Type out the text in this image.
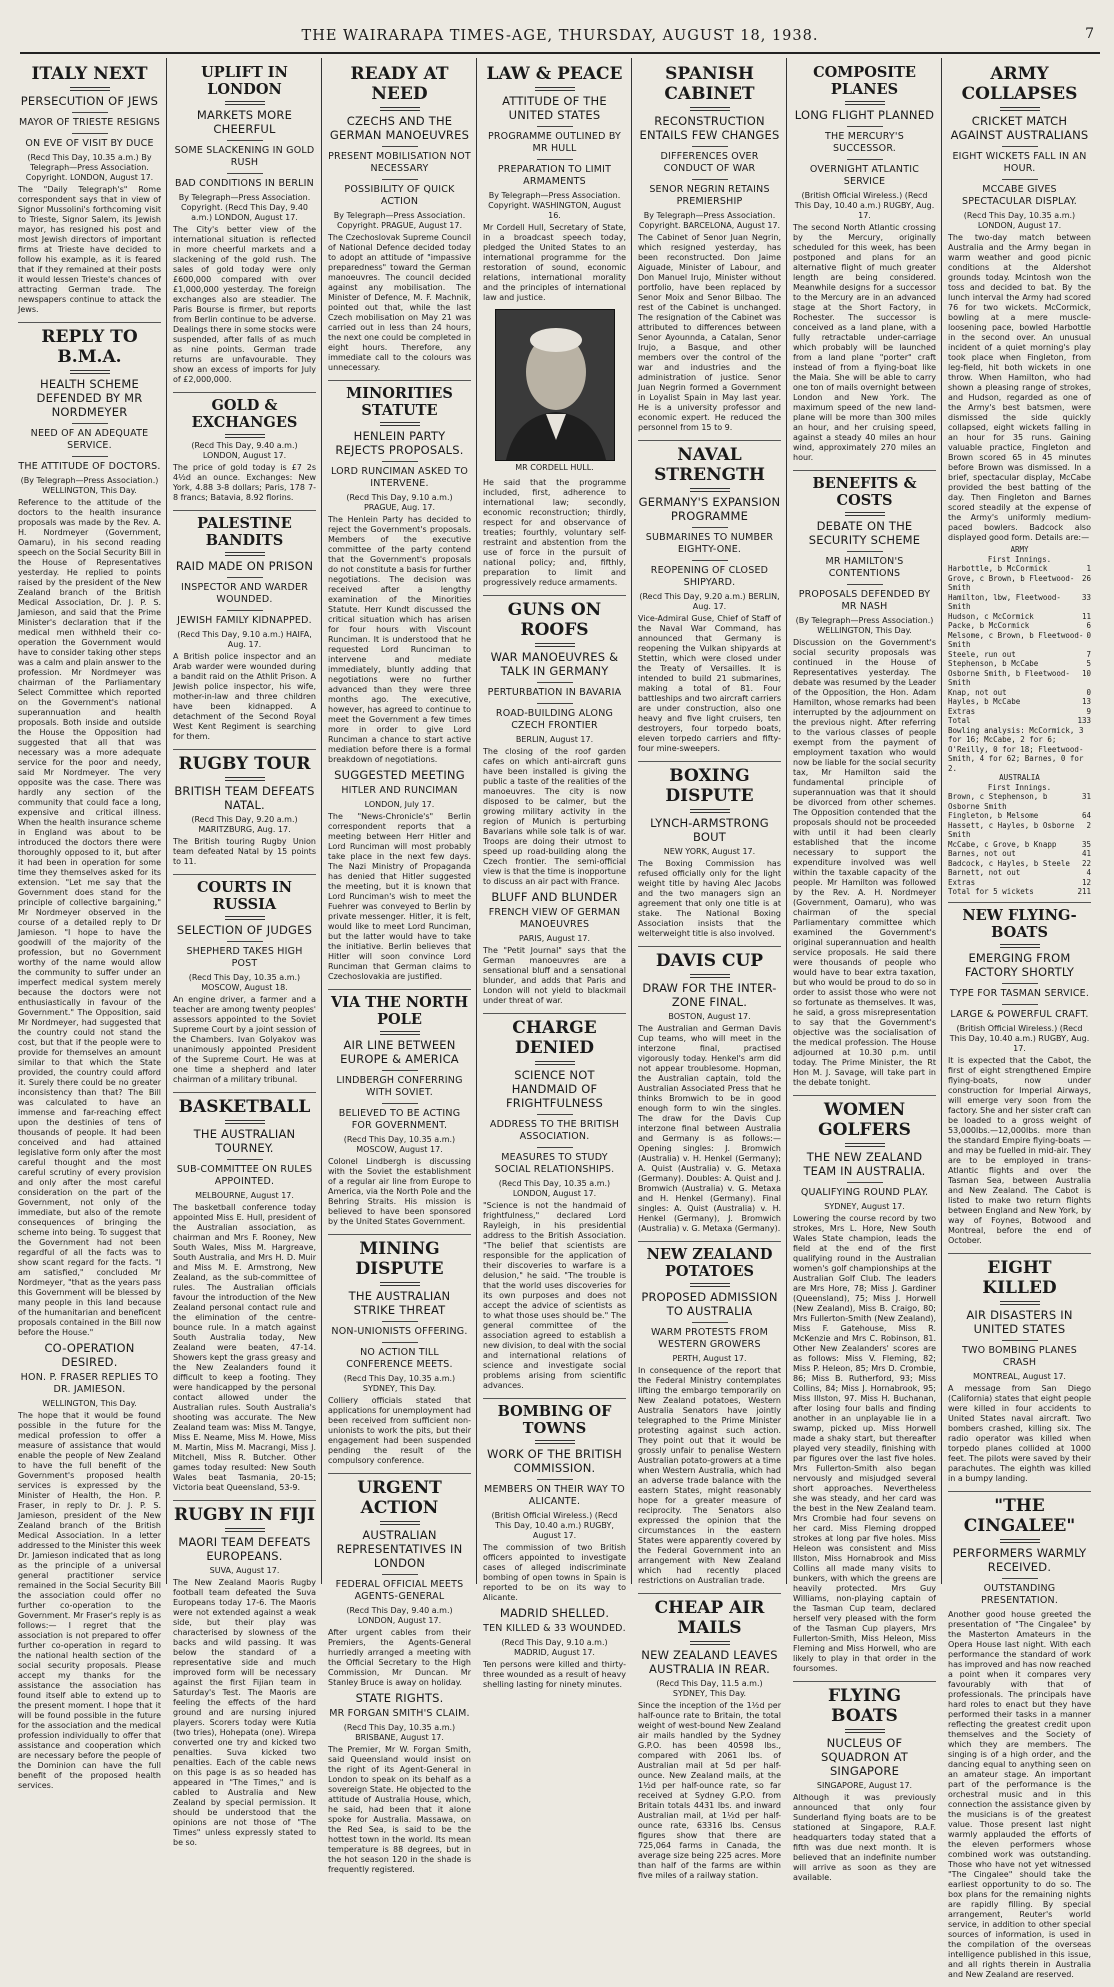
THE WAIRARAPA TIMES-AGE, THURSDAY, AUGUST 18, 1938.	7
ITALY NEXT
PERSECUTION OF JEWS
MAYOR OF TRIESTE RESIGNS
ON EVE OF VISIT BY DUCE
(Recd This Day, 10.35 a.m.) By Telegraph—Press Association. Copyright. LONDON, August 17.
The "Daily Telegraph's" Rome correspondent says that in view of Signor Mussolini's forthcoming visit to Trieste, Signor Salem, its Jewish mayor, has resigned his post and most Jewish directors of important firms at Trieste have decided to follow his example, as it is feared that if they remained at their posts it would lessen Trieste's chances of attracting German trade. The newspapers continue to attack the Jews.
REPLY TO B.M.A.
HEALTH SCHEME DEFENDED BY MR NORDMEYER
NEED OF AN ADEQUATE SERVICE.
THE ATTITUDE OF DOCTORS.
(By Telegraph—Press Association.) WELLINGTON, This Day.
Reference to the attitude of the doctors to the health insurance proposals was made by the Rev. A. H. Nordmeyer (Government, Oamaru), in his second reading speech on the Social Security Bill in the House of Representatives yesterday. He replied to points raised by the president of the New Zealand branch of the British Medical Association, Dr. J. P. S. Jamieson, and said that the Prime Minister's declaration that if the medical men withheld their co-operation the Government would have to consider taking other steps was a calm and plain answer to the profession. Mr Nordmeyer was chairman of the Parliamentary Select Committee which reported on the Government's national superannuation and health proposals. Both inside and outside the House the Opposition had suggested that all that was necessary was a more adequate service for the poor and needy, said Mr Nordmeyer. The very opposite was the case. There was hardly any section of the community that could face a long, expensive and critical illness. When the health insurance scheme in England was about to be introduced the doctors there were thoroughly opposed to it, but after it had been in operation for some time they themselves asked for its extension. "Let me say that the Government does stand for the principle of collective bargaining," Mr Nordmeyer observed in the course of a detailed reply to Dr Jamieson. "I hope to have the goodwill of the majority of the profession, but no Government worthy of the name would allow the community to suffer under an imperfect medical system merely because the doctors were not enthusiastically in favour of the Government." The Opposition, said Mr Nordmeyer, had suggested that the country could not stand the cost, but that if the people were to provide for themselves an amount similar to that which the State provided, the country could afford it. Surely there could be no greater inconsistency than that? The Bill was calculated to have an immense and far-reaching effect upon the destinies of tens of thousands of people. It had been conceived and had attained legislative form only after the most careful thought and the most careful scrutiny of every provision and only after the most careful consideration on the part of the Government, not only of the immediate, but also of the remote consequences of bringing the scheme into being. To suggest that the Government had not been regardful of all the facts was to show scant regard for the facts. "I am satisfied," concluded Mr Nordmeyer, "that as the years pass this Government will be blessed by many people in this land because of the humanitarian and beneficent proposals contained in the Bill now before the House."
CO-OPERATION DESIRED.
HON. P. FRASER REPLIES TO DR. JAMIESON.
WELLINGTON, This Day.
The hope that it would be found possible in the future for the medical profession to offer a measure of assistance that would enable the people of New Zealand to have the full benefit of the Government's proposed health services is expressed by the Minister of Health, the Hon. P. Fraser, in reply to Dr. J. P. S. Jamieson, president of the New Zealand branch of the British Medical Association. In a letter addressed to the Minister this week Dr. Jamieson indicated that as long as the principle of a universal general practitioner service remained in the Social Security Bill the association could offer no further co-operation to the Government. Mr Fraser's reply is as follows:— I regret that the association is not prepared to offer further co-operation in regard to the national health section of the social security proposals. Please accept my thanks for the assistance the association has found itself able to extend up to the present moment. I hope that it will be found possible in the future for the association and the medical profession individually to offer that assistance and cooperation which are necessary before the people of the Dominion can have the full benefit of the proposed health services.
UPLIFT IN LONDON
MARKETS MORE CHEERFUL
SOME SLACKENING IN GOLD RUSH
BAD CONDITIONS IN BERLIN
By Telegraph—Press Association. Copyright. (Recd This Day, 9.40 a.m.) LONDON, August 17.
The City's better view of the international situation is reflected in more cheerful markets and a slackening of the gold rush. The sales of gold today were only £600,000 compared with over £1,000,000 yesterday. The foreign exchanges also are steadier. The Paris Bourse is firmer, but reports from Berlin continue to be adverse. Dealings there in some stocks were suspended, after falls of as much as nine points. German trade returns are unfavourable. They show an excess of imports for July of £2,000,000.
GOLD & EXCHANGES
(Recd This Day, 9.40 a.m.) LONDON, August 17.
The price of gold today is £7 2s 4½d an ounce. Exchanges: New York, 4.88 3-8 dollars; Paris, 178 7-8 francs; Batavia, 8.92 florins.
PALESTINE BANDITS
RAID MADE ON PRISON
INSPECTOR AND WARDER WOUNDED.
JEWISH FAMILY KIDNAPPED.
(Recd This Day, 9.10 a.m.) HAIFA, Aug. 17.
A British police inspector and an Arab warder were wounded during a bandit raid on the Athlit Prison. A Jewish police inspector, his wife, mother-in-law and three children have been kidnapped. A detachment of the Second Royal West Kent Regiment is searching for them.
RUGBY TOUR
BRITISH TEAM DEFEATS NATAL.
(Recd This Day, 9.20 a.m.) MARITZBURG, Aug. 17.
The British touring Rugby Union team defeated Natal by 15 points to 11.
COURTS IN RUSSIA
SELECTION OF JUDGES
SHEPHERD TAKES HIGH POST
(Recd This Day, 10.35 a.m.) MOSCOW, August 18.
An engine driver, a farmer and a teacher are among twenty peoples' assessors appointed to the Soviet Supreme Court by a joint session of the Chambers. Ivan Golyakov was unanimously appointed President of the Supreme Court. He was at one time a shepherd and later chairman of a military tribunal.
BASKETBALL
THE AUSTRALIAN TOURNEY.
SUB-COMMITTEE ON RULES APPOINTED.
MELBOURNE, August 17.
The basketball conference today appointed Miss E. Hull, president of the Australian association, as chairman and Mrs F. Rooney, New South Wales, Miss M. Hargreave, South Australia, and Mrs H. D. Muir and Miss M. E. Armstrong, New Zealand, as the sub-committee of rules. The Australian officials favour the introduction of the New Zealand personal contact rule and the elimination of the centre-bounce rule. In a match against South Australia today, New Zealand were beaten, 47-14. Showers kept the grass greasy and the New Zealanders found it difficult to keep a footing. They were handicapped by the personal contact allowed under the Australian rules. South Australia's shooting was accurate. The New Zealand team was: Miss M. Tangye, Miss E. Neame, Miss M. Howe, Miss M. Martin, Miss M. Macrangi, Miss J. Mitchell, Miss R. Butcher. Other games today resulted: New South Wales beat Tasmania, 20-15; Victoria beat Queensland, 53-9.
RUGBY IN FIJI
MAORI TEAM DEFEATS EUROPEANS.
SUVA, August 17.
The New Zealand Maoris Rugby football team defeated the Suva Europeans today 17-6. The Maoris were not extended against a weak side, but their play was characterised by slowness of the backs and wild passing. It was below the standard of a representative side and much improved form will be necessary against the first Fijian team in Saturday's Test. The Maoris are feeling the effects of the hard ground and are nursing injured players. Scorers today were Kutia (two tries), Hohepata (one). Wirepa converted one try and kicked two penalties. Suva kicked two penalties. Each of the cable news on this page is as so headed has appeared in "The Times," and is cabled to Australia and New Zealand by special permission. It should be understood that the opinions are not those of "The Times" unless expressly stated to be so.
READY AT NEED
CZECHS AND THE GERMAN MANOEUVRES
PRESENT MOBILISATION NOT NECESSARY
POSSIBILITY OF QUICK ACTION
By Telegraph—Press Association. Copyright. PRAGUE, August 17.
The Czechoslovak Supreme Council of National Defence decided today to adopt an attitude of "impassive preparedness" toward the German manoeuvres. The council decided against any mobilisation. The Minister of Defence, M. F. Machnik, pointed out that, while the last Czech mobilisation on May 21 was carried out in less than 24 hours, the next one could be completed in eight hours. Therefore, any immediate call to the colours was unnecessary.
MINORITIES STATUTE
HENLEIN PARTY REJECTS PROPOSALS.
LORD RUNCIMAN ASKED TO INTERVENE.
(Recd This Day, 9.10 a.m.) PRAGUE, Aug. 17.
The Henlein Party has decided to reject the Government's proposals. Members of the executive committee of the party contend that the Government's proposals do not constitute a basis for further negotiations. The decision was received after a lengthy examination of the Minorities Statute. Herr Kundt discussed the critical situation which has arisen for four hours with Viscount Runciman. It is understood that he requested Lord Runciman to intervene and mediate immediately, bluntly adding that negotiations were no further advanced than they were three months ago. The executive, however, has agreed to continue to meet the Government a few times more in order to give Lord Runciman a chance to start active mediation before there is a formal breakdown of negotiations.
SUGGESTED MEETING
HITLER AND RUNCIMAN
LONDON, July 17.
The "News-Chronicle's" Berlin correspondent reports that a meeting between Herr Hitler and Lord Runciman will most probably take place in the next few days. The Nazi Ministry of Propaganda has denied that Hitler suggested the meeting, but it is known that Lord Runciman's wish to meet the Fuehrer was conveyed to Berlin by private messenger. Hitler, it is felt, would like to meet Lord Runciman, but the latter would have to take the initiative. Berlin believes that Hitler will soon convince Lord Runciman that German claims to Czechoslovakia are justified.
VIA THE NORTH POLE
AIR LINE BETWEEN EUROPE & AMERICA
LINDBERGH CONFERRING WITH SOVIET.
BELIEVED TO BE ACTING FOR GOVERNMENT.
(Recd This Day, 10.35 a.m.) MOSCOW, August 17.
Colonel Lindbergh is discussing with the Soviet the establishment of a regular air line from Europe to America, via the North Pole and the Behring Straits. His mission is believed to have been sponsored by the United States Government.
MINING DISPUTE
THE AUSTRALIAN STRIKE THREAT
NON-UNIONISTS OFFERING.
NO ACTION TILL CONFERENCE MEETS.
(Recd This Day, 10.35 a.m.) SYDNEY, This Day.
Colliery officials stated that applications for unemployment had been received from sufficient non-unionists to work the pits, but their engagement had been suspended pending the result of the compulsory conference.
URGENT ACTION
AUSTRALIAN REPRESENTATIVES IN LONDON
FEDERAL OFFICIAL MEETS AGENTS-GENERAL
(Recd This Day, 9.40 a.m.) LONDON, August 17.
After urgent cables from their Premiers, the Agents-General hurriedly arranged a meeting with the Official Secretary to the High Commission, Mr Duncan. Mr Stanley Bruce is away on holiday.
STATE RIGHTS.
MR FORGAN SMITH'S CLAIM.
(Recd This Day, 10.35 a.m.) BRISBANE, August 17.
The Premier, Mr W. Forgan Smith, said Queensland would insist on the right of its Agent-General in London to speak on its behalf as a sovereign State. He objected to the attitude of Australia House, which, he said, had been that it alone spoke for Australia. Massawa, on the Red Sea, is said to be the hottest town in the world. Its mean temperature is 88 degrees, but in the hot season 120 in the shade is frequently registered.
LAW & PEACE
ATTITUDE OF THE UNITED STATES
PROGRAMME OUTLINED BY MR HULL
PREPARATION TO LIMIT ARMAMENTS
By Telegraph—Press Association. Copyright. WASHINGTON, August 16.
Mr Cordell Hull, Secretary of State, in a broadcast speech today, pledged the United States to an international programme for the restoration of sound, economic relations, international morality and the principles of international law and justice.
MR CORDELL HULL.
He said that the programme included, first, adherence to international law; secondly, economic reconstruction; thirdly, respect for and observance of treaties; fourthly, voluntary self-restraint and abstention from the use of force in the pursuit of national policy; and, fifthly, preparation to limit and progressively reduce armaments.
GUNS ON ROOFS
WAR MANOEUVRES & TALK IN GERMANY
PERTURBATION IN BAVARIA
ROAD-BUILDING ALONG CZECH FRONTIER
BERLIN, August 17.
The closing of the roof garden cafes on which anti-aircraft guns have been installed is giving the public a taste of the realities of the manoeuvres. The city is now disposed to be calmer, but the growing military activity in the region of Munich is perturbing Bavarians while sole talk is of war. Troops are doing their utmost to speed up road-building along the Czech frontier. The semi-official view is that the time is inopportune to discuss an air pact with France.
BLUFF AND BLUNDER
FRENCH VIEW OF GERMAN MANOEUVRES
PARIS, August 17.
The "Petit Journal" says that the German manoeuvres are a sensational bluff and a sensational blunder, and adds that Paris and London will not yield to blackmail under threat of war.
CHARGE DENIED
SCIENCE NOT HANDMAID OF FRIGHTFULNESS
ADDRESS TO THE BRITISH ASSOCIATION.
MEASURES TO STUDY SOCIAL RELATIONSHIPS.
(Recd This Day, 10.35 a.m.) LONDON, August 17.
"Science is not the handmaid of frightfulness," declared Lord Rayleigh, in his presidential address to the British Association. "The belief that scientists are responsible for the application of their discoveries to warfare is a delusion," he said. "The trouble is that the world uses discoveries for its own purposes and does not accept the advice of scientists as to what those uses should be." The general committee of the association agreed to establish a new division, to deal with the social and international relations of science and investigate social problems arising from scientific advances.
BOMBING OF TOWNS
WORK OF THE BRITISH COMMISSION.
MEMBERS ON THEIR WAY TO ALICANTE.
(British Official Wireless.) (Recd This Day, 10.40 a.m.) RUGBY, August 17.
The commission of two British officers appointed to investigate cases of alleged indiscriminate bombing of open towns in Spain is reported to be on its way to Alicante.
MADRID SHELLED.
TEN KILLED & 33 WOUNDED.
(Recd This Day, 9.10 a.m.) MADRID, August 17.
Ten persons were killed and thirty-three wounded as a result of heavy shelling lasting for ninety minutes.
SPANISH CABINET
RECONSTRUCTION ENTAILS FEW CHANGES
DIFFERENCES OVER CONDUCT OF WAR
SENOR NEGRIN RETAINS PREMIERSHIP
By Telegraph—Press Association. Copyright. BARCELONA, August 17.
The Cabinet of Senor Juan Negrin, which resigned yesterday, has been reconstructed. Don Jaime Aiguade, Minister of Labour, and Don Manuel Irujo, Minister without portfolio, have been replaced by Senor Moix and Senor Bilbao. The rest of the Cabinet is unchanged. The resignation of the Cabinet was attributed to differences between Senor Ayounnda, a Catalan, Senor Irujo, a Basque, and other members over the control of the war and industries and the administration of justice. Senor Juan Negrin formed a Government in Loyalist Spain in May last year. He is a university professor and economic expert. He reduced the personnel from 15 to 9.
NAVAL STRENGTH
GERMANY'S EXPANSION PROGRAMME
SUBMARINES TO NUMBER EIGHTY-ONE.
REOPENING OF CLOSED SHIPYARD.
(Recd This Day, 9.20 a.m.) BERLIN, Aug. 17.
Vice-Admiral Guse, Chief of Staff of the Naval War Command, has announced that Germany is reopening the Vulkan shipyards at Stettin, which were closed under the Treaty of Versailles. It is intended to build 21 submarines, making a total of 81. Four battleships and two aircraft carriers are under construction, also one heavy and five light cruisers, ten destroyers, four torpedo boats, eleven torpedo carriers and fifty-four mine-sweepers.
BOXING DISPUTE
LYNCH-ARMSTRONG BOUT
NEW YORK, August 17.
The Boxing Commission has refused officially only for the light weight title by having Alec Jacobs and the two managers sign an agreement that only one title is at stake. The National Boxing Association insists that the welterweight title is also involved.
DAVIS CUP
DRAW FOR THE INTER-ZONE FINAL.
BOSTON, August 17.
The Australian and German Davis Cup teams, who will meet in the interzone final, practised vigorously today. Henkel's arm did not appear troublesome. Hopman, the Australian captain, told the Australian Associated Press that he thinks Bromwich to be in good enough form to win the singles. The draw for the Davis Cup interzone final between Australia and Germany is as follows:— Opening singles: J. Bromwich (Australia) v. H. Henkel (Germany); A. Quist (Australia) v. G. Metaxa (Germany). Doubles: A. Quist and J. Bromwich (Australia) v. G. Metaxa and H. Henkel (Germany). Final singles: A. Quist (Australia) v. H. Henkel (Germany), J. Bromwich (Australia) v. G. Metaxa (Germany).
NEW ZEALAND POTATOES
PROPOSED ADMISSION TO AUSTRALIA
WARM PROTESTS FROM WESTERN GROWERS
PERTH, August 17.
In consequence of the report that the Federal Ministry contemplates lifting the embargo temporarily on New Zealand potatoes, Western Australia Senators have jointly telegraphed to the Prime Minister protesting against such action. They point out that it would be grossly unfair to penalise Western Australian potato-growers at a time when Western Australia, which had an adverse trade balance with the eastern States, might reasonably hope for a greater measure of reciprocity. The Senators also expressed the opinion that the circumstances in the eastern States were apparently covered by the Federal Government into an arrangement with New Zealand which had recently placed restrictions on Australian trade.
CHEAP AIR MAILS
NEW ZEALAND LEAVES AUSTRALIA IN REAR.
(Recd This Day, 11.5 a.m.) SYDNEY, This Day.
Since the inception of the 1½d per half-ounce rate to Britain, the total weight of west-bound New Zealand air mails handled by the Sydney G.P.O. has been 40598 lbs., compared with 2061 lbs. of Australian mail at 5d per half-ounce. New Zealand mails, at the 1½d per half-ounce rate, so far received at Sydney G.P.O. from Britain totals 4431 lbs. and inward Australian mail, at 1½d per half-ounce rate, 63316 lbs. Census figures show that there are 725,064 farms in Canada, the average size being 225 acres. More than half of the farms are within five miles of a railway station.
COMPOSITE PLANES
LONG FLIGHT PLANNED
THE MERCURY'S SUCCESSOR.
OVERNIGHT ATLANTIC SERVICE
(British Official Wireless.) (Recd This Day, 10.40 a.m.) RUGBY, Aug. 17.
The second North Atlantic crossing by the Mercury, originally scheduled for this week, has been postponed and plans for an alternative flight of much greater length are being considered. Meanwhile designs for a successor to the Mercury are in an advanced stage at the Short Factory, in Rochester. The successor is conceived as a land plane, with a fully retractable under-carriage which probably will be launched from a land plane "porter" craft instead of from a flying-boat like the Maia. She will be able to carry one ton of mails overnight between London and New York. The maximum speed of the new land-plane will be more than 300 miles an hour, and her cruising speed, against a steady 40 miles an hour wind, approximately 270 miles an hour.
BENEFITS & COSTS
DEBATE ON THE SECURITY SCHEME
MR HAMILTON'S CONTENTIONS
PROPOSALS DEFENDED BY MR NASH
(By Telegraph—Press Association.) WELLINGTON, This Day.
Discussion on the Government's social security proposals was continued in the House of Representatives yesterday. The debate was resumed by the Leader of the Opposition, the Hon. Adam Hamilton, whose remarks had been interrupted by the adjournment on the previous night. After referring to the various classes of people exempt from the payment of employment taxation who would now be liable for the social security tax, Mr Hamilton said the fundamental principle of superannuation was that it should be divorced from other schemes. The Opposition contended that the proposals should not be proceeded with until it had been clearly established that the income necessary to support the expenditure involved was well within the taxable capacity of the people. Mr Hamilton was followed by the Rev. A. H. Nordmeyer (Government, Oamaru), who was chairman of the special Parliamentary committee which examined the Government's original superannuation and health service proposals. He said there were thousands of people who would have to bear extra taxation, but who would be proud to do so in order to assist those who were not so fortunate as themselves. It was, he said, a gross misrepresentation to say that the Government's objective was the socialisation of the medical profession. The House adjourned at 10.30 p.m. until today. The Prime Minister, the Rt Hon M. J. Savage, will take part in the debate tonight.
WOMEN GOLFERS
THE NEW ZEALAND TEAM IN AUSTRALIA.
QUALIFYING ROUND PLAY.
SYDNEY, August 17.
Lowering the course record by two strokes, Mrs L. Hore, New South Wales State champion, leads the field at the end of the first qualifying round in the Australian women's golf championships at the Australian Golf Club. The leaders are Mrs Hore, 78; Miss J. Gardiner (Queensland), 75; Miss J. Horwell (New Zealand), Miss B. Craigo, 80; Mrs Fullerton-Smith (New Zealand), Miss F. Gatehouse, Miss R. McKenzie and Mrs C. Robinson, 81. Other New Zealanders' scores are as follows: Miss V. Fleming, 82; Miss P. Heleon, 85; Mrs D. Crombie, 86; Miss B. Rutherford, 93; Miss Collins, 84; Miss J. Hornabrook, 95; Miss Illston, 97. Miss H. Buchanan, after losing four balls and finding another in an unplayable lie in a swamp, picked up. Miss Horwell made a shaky start, but thereafter played very steadily, finishing with par figures over the last five holes. Mrs Fullerton-Smith also began nervously and misjudged several short approaches. Nevertheless she was steady, and her card was the best in the New Zealand team. Mrs Crombie had four sevens on her card. Miss Fleming dropped strokes at long par five holes. Miss Heleon was consistent and Miss Illston, Miss Hornabrook and Miss Collins all made many visits to bunkers, with which the greens are heavily protected. Mrs Guy Williams, non-playing captain of the Tasman Cup team, declared herself very pleased with the form of the Tasman Cup players, Mrs Fullerton-Smith, Miss Heleon, Miss Fleming and Miss Horwell, who are likely to play in that order in the foursomes.
FLYING BOATS
NUCLEUS OF SQUADRON AT SINGAPORE
SINGAPORE, August 17.
Although it was previously announced that only four Sunderland flying boats are to be stationed at Singapore, R.A.F. headquarters today stated that a fifth was due next month. It is believed that an indefinite number will arrive as soon as they are available.
ARMY COLLAPSES
CRICKET MATCH AGAINST AUSTRALIANS
EIGHT WICKETS FALL IN AN HOUR.
MCCABE GIVES SPECTACULAR DISPLAY.
(Recd This Day, 10.35 a.m.) LONDON, August 17.
The two-day match between Australia and the Army began in warm weather and good picnic conditions at the Aldershot grounds today. Mcintosh won the toss and decided to bat. By the lunch interval the Army had scored 76 for two wickets. McCormick, bowling at a mere muscle-loosening pace, bowled Harbottle in the second over. An unusual incident of a quiet morning's play took place when Fingleton, from leg-field, hit both wickets in one throw. When Hamilton, who had shown a pleasing range of strokes, and Hudson, regarded as one of the Army's best batsmen, were dismissed the side quickly collapsed, eight wickets falling in an hour for 35 runs. Gaining valuable practice, Fingleton and Brown scored 65 in 45 minutes before Brown was dismissed. In a brief, spectacular display, McCabe provided the best batting of the day. Then Fingleton and Barnes scored steadily at the expense of the Army's uniformly medium-paced bowlers. Badcock also displayed good form. Details are:—
ARMY
First Innings.
Harbottle, b McCormick	1
Grove, c Brown, b Fleetwood-Smith
26
Hamilton, lbw, Fleetwood-Smith
33
Hudson, c McCormick	11
Packe, b McCormick	6
Melsome, c Brown, b Fleetwood-Smith
0
Steele, run out	7
Stephenson, b McCabe	5
Osborne Smith, b Fleetwood-Smith
10
Knap, not out	0
Hayles, b McCabe	13
Extras	9
Total	133
Bowling analysis: McCormick, 3 for 16; McCabe, 2 for 6; O'Reilly, 0 for 18; Fleetwood-Smith, 4 for 62; Barnes, 0 for 2.
AUSTRALIA
First Innings.
Brown, c Stephenson, b Osborne Smith
31
Fingleton, b Melsome	64
Hassett, c Hayles, b Osborne Smith
2
McCabe, c Grove, b Knapp	35
Barnes, not out	41
Badcock, c Hayles, b Steele 22
Barnett, not out	4
Extras	12
Total for 5 wickets	211
NEW FLYING-BOATS
EMERGING FROM FACTORY SHORTLY
TYPE FOR TASMAN SERVICE.
LARGE & POWERFUL CRAFT.
(British Official Wireless.) (Recd This Day, 10.40 a.m.) RUGBY, Aug. 17.
It is expected that the Cabot, the first of eight strengthened Empire flying-boats, now under construction for Imperial Airways, will emerge very soon from the factory. She and her sister craft can be loaded to a gross weight of 53,000lbs.—12,000lbs. more than the standard Empire flying-boats —and may be fuelled in mid-air. They are to be employed in trans-Atlantic flights and over the Tasman Sea, between Australia and New Zealand. The Cabot is listed to make two return flights between England and New York, by way of Foynes, Botwood and Montreal, before the end of October.
EIGHT KILLED
AIR DISASTERS IN UNITED STATES
TWO BOMBING PLANES CRASH
MONTREAL, August 17.
A message from San Diego (California) states that eight people were killed in four accidents to United States naval aircraft. Two bombers crashed, killing six. The radio operator was killed when torpedo planes collided at 1000 feet. The pilots were saved by their parachutes. The eighth was killed in a bumpy landing.
"THE CINGALEE"
PERFORMERS WARMLY RECEIVED.
OUTSTANDING PRESENTATION.
Another good house greeted the presentation of "The Cingalee" by the Masterton Amateurs in the Opera House last night. With each performance the standard of work has improved and has now reached a point when it compares very favourably with that of professionals. The principals have hard roles to enact but they have performed their tasks in a manner reflecting the greatest credit upon themselves and the Society of which they are members. The singing is of a high order, and the dancing equal to anything seen on an amateur stage. An important part of the performance is the orchestral music and in this connection the assistance given by the musicians is of the greatest value. Those present last night warmly applauded the efforts of the eleven performers whose combined work was outstanding. Those who have not yet witnessed "The Cingalee" should take the earliest opportunity to do so. The box plans for the remaining nights are rapidly filling. By special arrangement, Reuter's world service, in addition to other special sources of information, is used in the compilation of the overseas intelligence published in this issue, and all rights therein in Australia and New Zealand are reserved.
